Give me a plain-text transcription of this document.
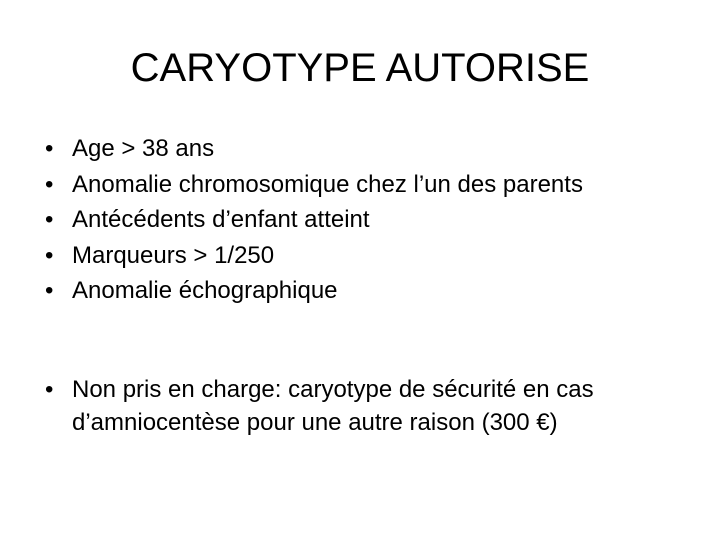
CARYOTYPE AUTORISE
• Age > 38 ans
• Anomalie chromosomique chez l’un des parents
• Antécédents d’enfant atteint
• Marqueurs > 1/250
• Anomalie échographique
• Non pris en charge: caryotype de sécurité en cas
d’amniocentèse pour une autre raison (300 €)
